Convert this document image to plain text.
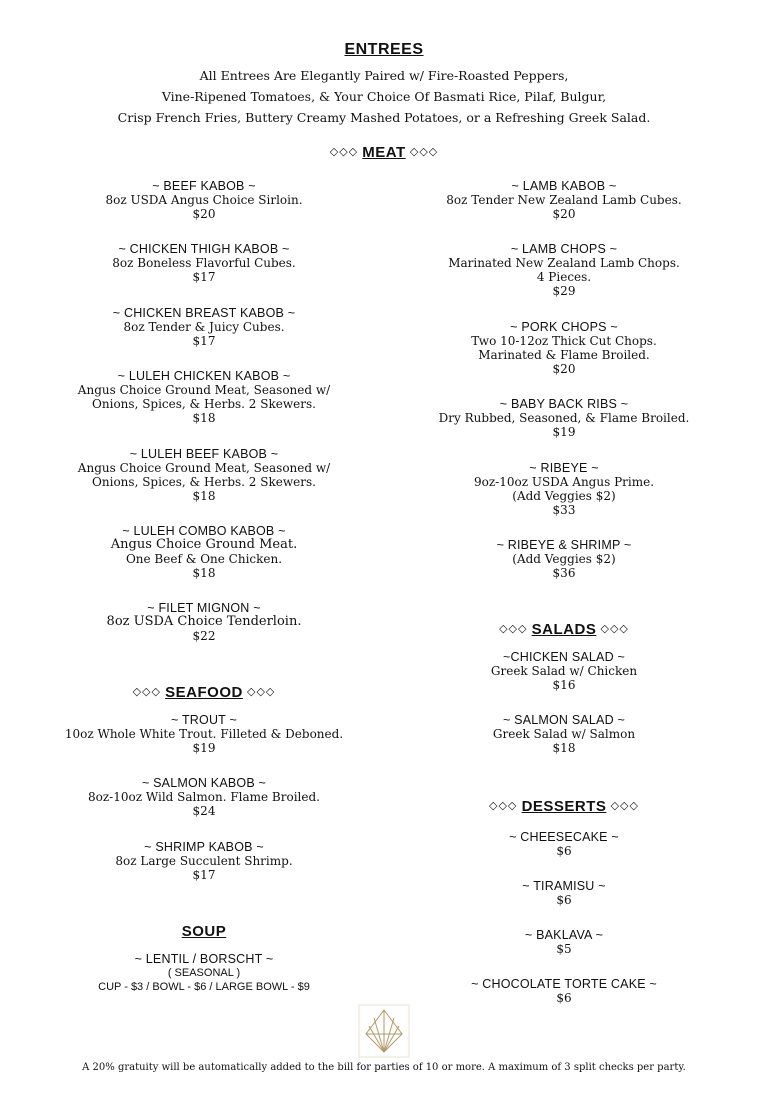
ENTREES
All Entrees Are Elegantly Paired w/ Fire-Roasted Peppers,
Vine-Ripened Tomatoes, & Your Choice Of Basmati Rice, Pilaf, Bulgur,
Crisp French Fries, Buttery Creamy Mashed Potatoes, or a Refreshing Greek Salad.
◇◇◇ MEAT ◇◇◇
~ BEEF KABOB ~
8oz USDA Angus Choice Sirloin.
$20
~ CHICKEN THIGH KABOB ~
8oz Boneless Flavorful Cubes.
$17
~ CHICKEN BREAST KABOB ~
8oz Tender & Juicy Cubes.
$17
~ LULEH CHICKEN KABOB ~
Angus Choice Ground Meat, Seasoned w/
Onions, Spices, & Herbs. 2 Skewers.
$18
~ LULEH BEEF KABOB ~
Angus Choice Ground Meat, Seasoned w/
Onions, Spices, & Herbs. 2 Skewers.
$18
~ LULEH COMBO KABOB ~
Angus Choice Ground Meat.
One Beef & One Chicken.
$18
~ FILET MIGNON ~
8oz USDA Choice Tenderloin.
$22
◇◇◇ SEAFOOD ◇◇◇
~ TROUT ~
10oz Whole White Trout. Filleted & Deboned.
$19
~ SALMON KABOB ~
8oz-10oz Wild Salmon. Flame Broiled.
$24
~ SHRIMP KABOB ~
8oz Large Succulent Shrimp.
$17
SOUP
~ LENTIL / BORSCHT ~
( SEASONAL )
CUP - $3 / BOWL - $6 / LARGE BOWL - $9
~ LAMB KABOB ~
8oz Tender New Zealand Lamb Cubes.
$20
~ LAMB CHOPS ~
Marinated New Zealand Lamb Chops.
4 Pieces.
$29
~ PORK CHOPS ~
Two 10-12oz Thick Cut Chops.
Marinated & Flame Broiled.
$20
~ BABY BACK RIBS ~
Dry Rubbed, Seasoned, & Flame Broiled.
$19
~ RIBEYE ~
9oz-10oz USDA Angus Prime.
(Add Veggies $2)
$33
~ RIBEYE & SHRIMP ~
(Add Veggies $2)
$36
◇◇◇ SALADS ◇◇◇
~CHICKEN SALAD ~
Greek Salad w/ Chicken
$16
~ SALMON SALAD ~
Greek Salad w/ Salmon
$18
◇◇◇ DESSERTS ◇◇◇
~ CHEESECAKE ~
$6
~ TIRAMISU ~
$6
~ BAKLAVA ~
$5
~ CHOCOLATE TORTE CAKE ~
$6
A 20% gratuity will be automatically added to the bill for parties of 10 or more. A maximum of 3 split checks per party.
